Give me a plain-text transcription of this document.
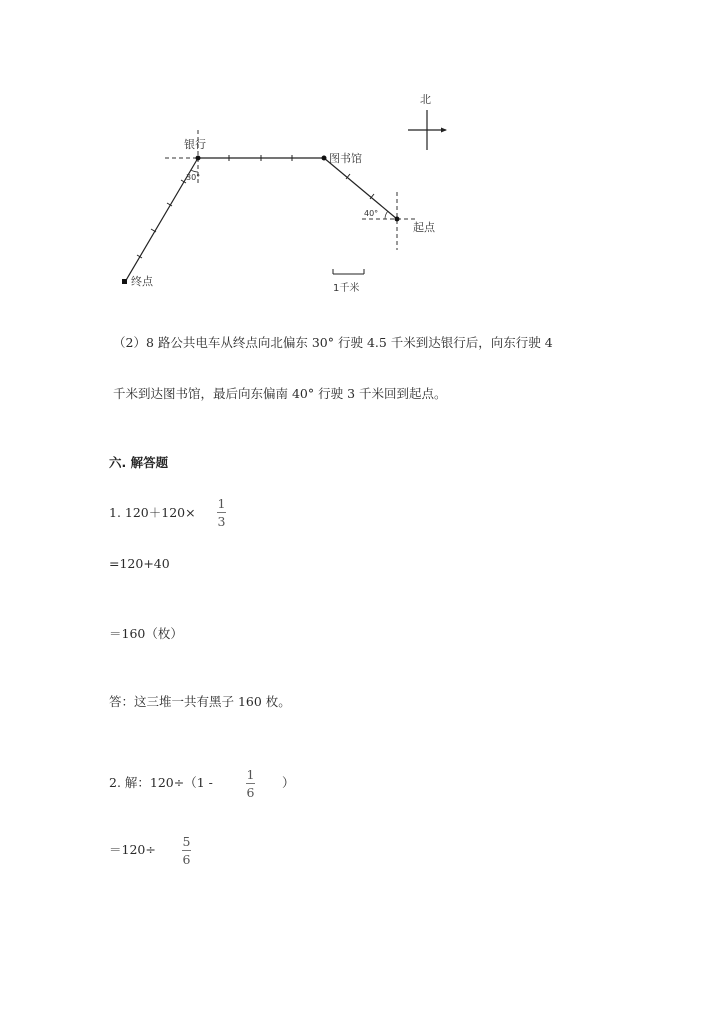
北
银行
图书馆
起点
终点
1千米
30°
40°
（2）8 路公共电车从终点向北偏东 30° 行驶 4.5 千米到达银行后，向东行驶 4
千米到达图书馆，最后向东偏南 40° 行驶 3 千米回到起点。
六. 解答题
1. 120＋120×
1
3
=120+40
＝160（枚）
答：这三堆一共有黑子 160 枚。
2. 解：120÷（1 -
1
6
）
＝120÷
5
6
